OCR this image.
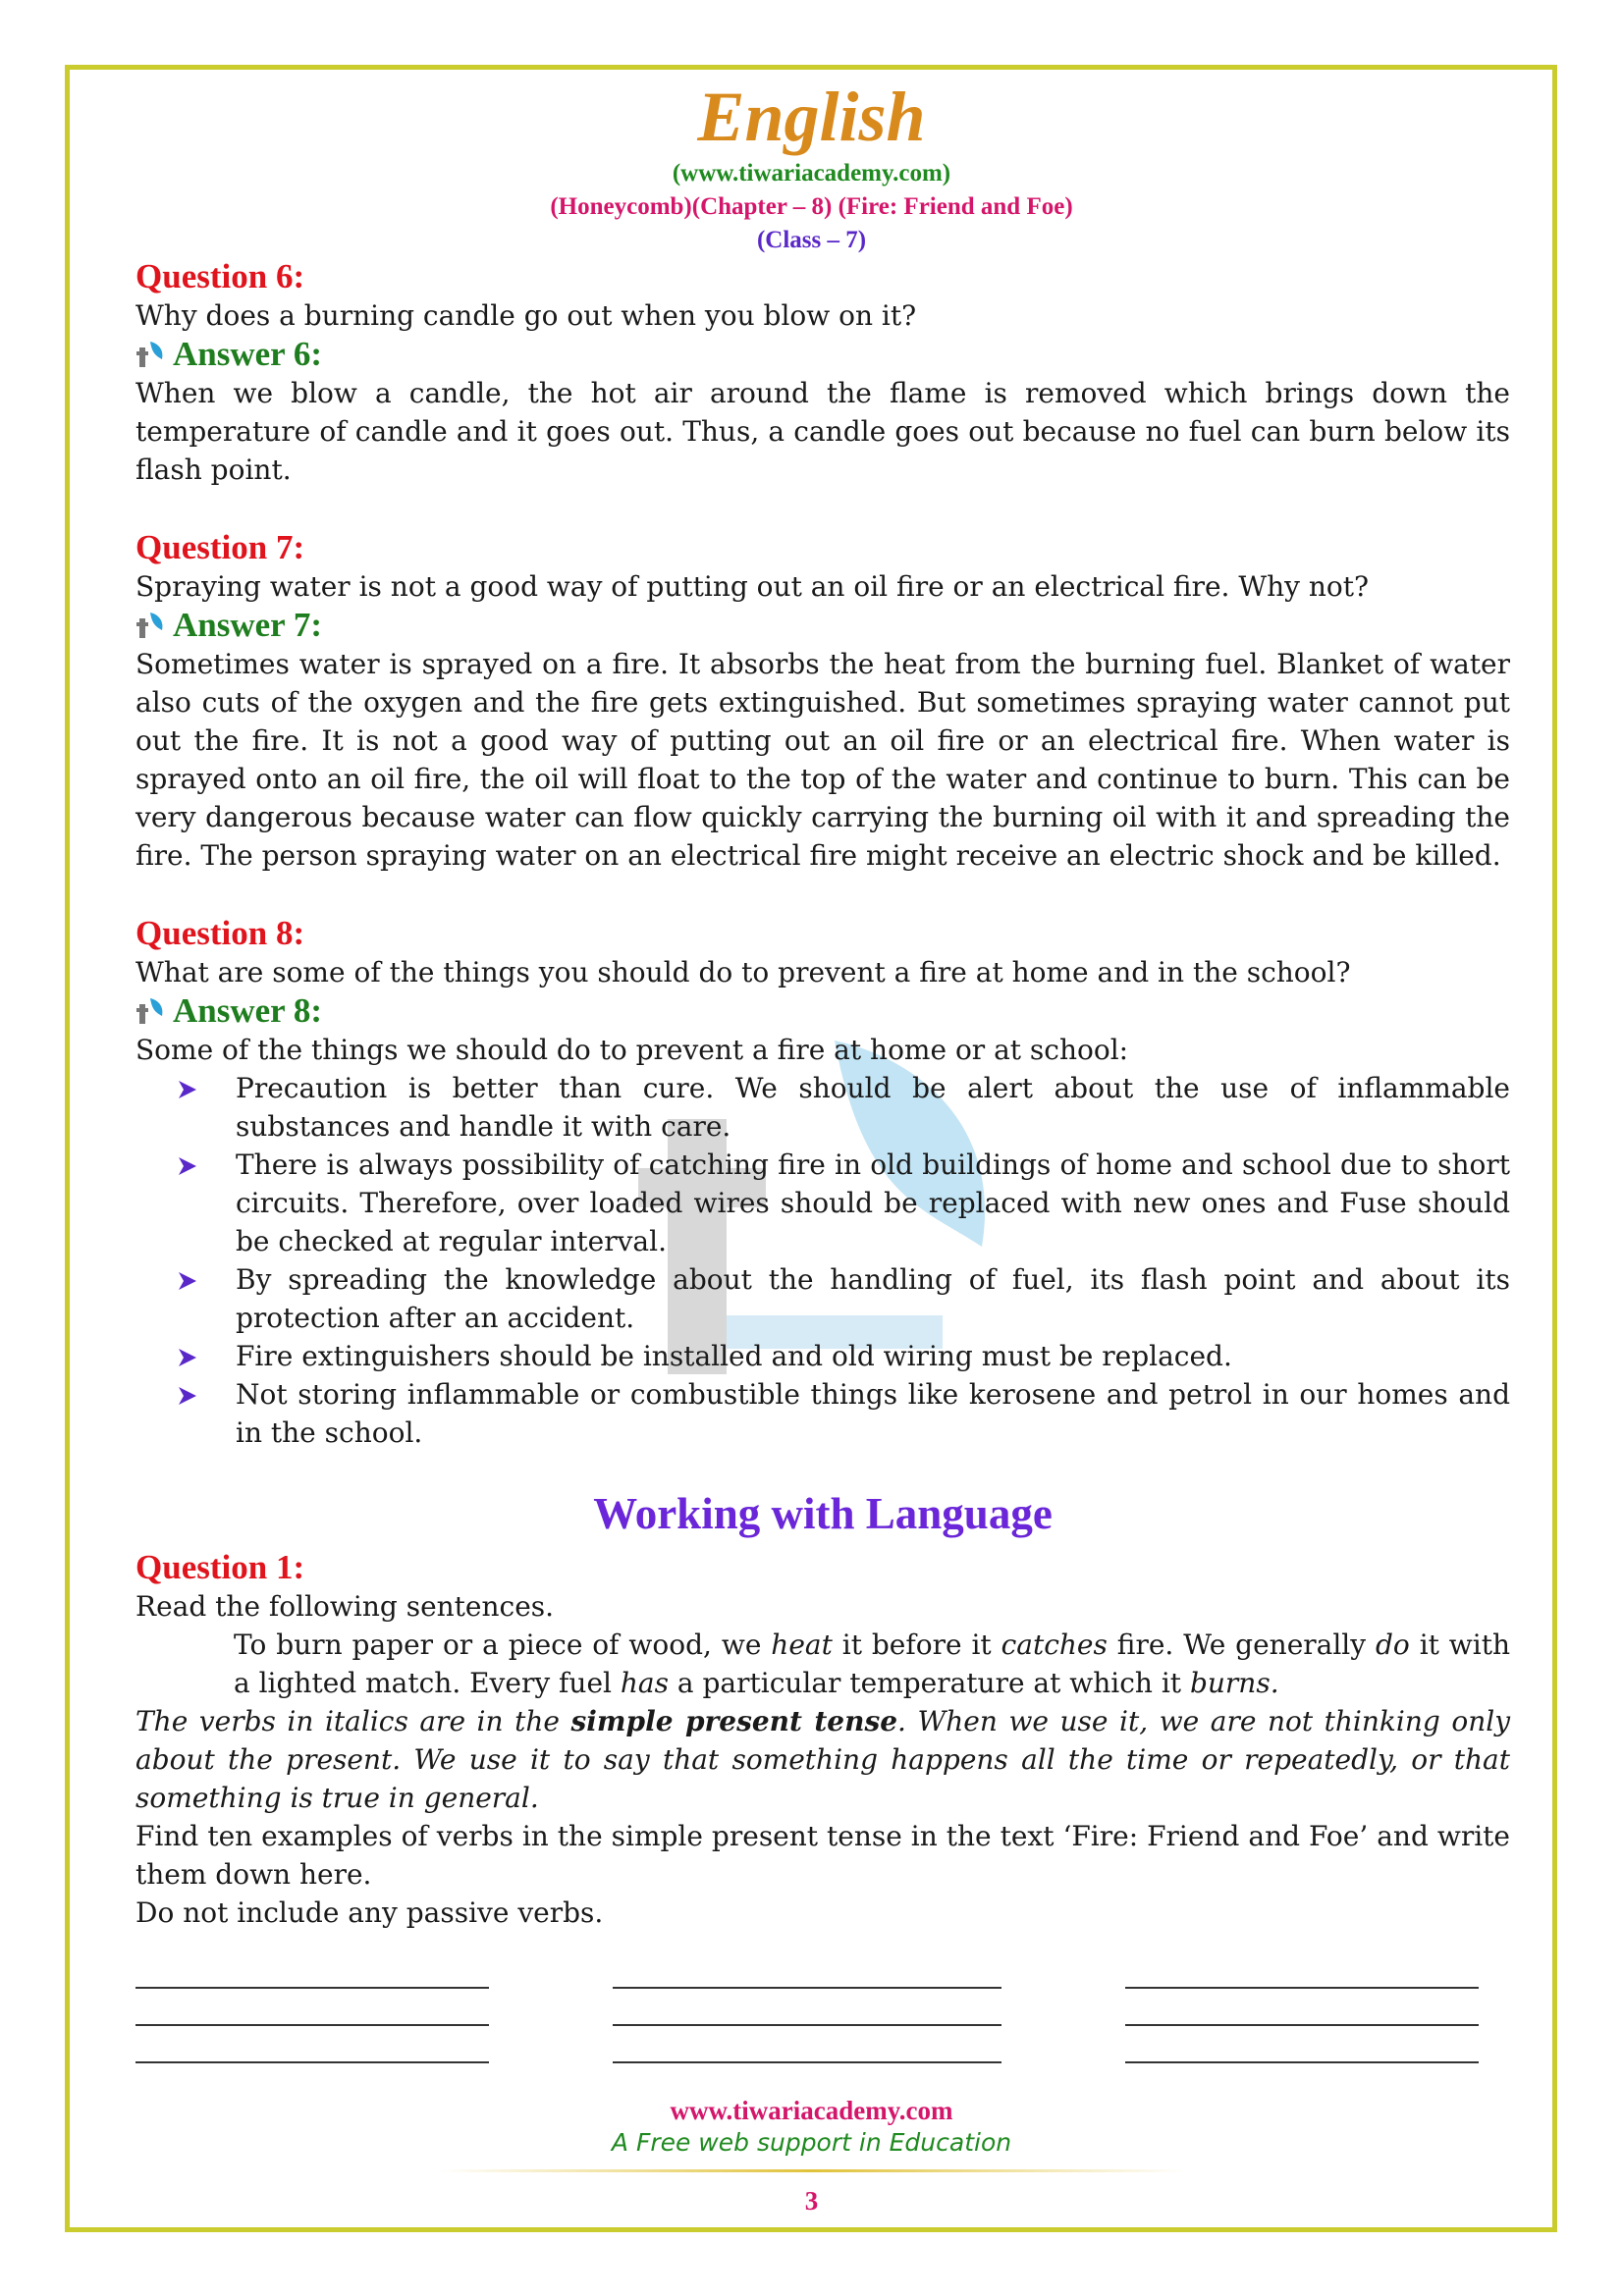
English
(www.tiwariacademy.com)
(Honeycomb)(Chapter – 8) (Fire: Friend and Foe)
(Class – 7)
Question 6:

Why does a burning candle go out when you blow on it?

Answer 6:

When we blow a candle, the hot air around the flame is removed which brings down the temperature of candle and it goes out. Thus, a candle goes out because no fuel can burn below its flash point.

Question 7:

Spraying water is not a good way of putting out an oil fire or an electrical fire. Why not?

Answer 7:

Sometimes water is sprayed on a fire. It absorbs the heat from the burning fuel. Blanket of water also cuts of the oxygen and the fire gets extinguished. But sometimes spraying water cannot put out the fire. It is not a good way of putting out an oil fire or an electrical fire. When water is sprayed onto an oil fire, the oil will float to the top of the water and continue to burn. This can be very dangerous because water can flow quickly carrying the burning oil with it and spreading the fire. The person spraying water on an electrical fire might receive an electric shock and be killed.

Question 8:

What are some of the things you should do to prevent a fire at home and in the school?

Answer 8:

Some of the things we should do to prevent a fire at home or at school:

Precaution is better than cure. We should be alert about the use of inflammable substances and handle it with care.
There is always possibility of catching fire in old buildings of home and school due to short circuits. Therefore, over loaded wires should be replaced with new ones and Fuse should be checked at regular interval.
By spreading the knowledge about the handling of fuel, its flash point and about its protection after an accident.
Fire extinguishers should be installed and old wiring must be replaced.
Not storing inflammable or combustible things like kerosene and petrol in our homes and in the school.
Working with Language
Question 1:

Read the following sentences.

To burn paper or a piece of wood, we heat it before it catches fire. We generally do it with a lighted match. Every fuel has a particular temperature at which it burns.

The verbs in italics are in the simple present tense. When we use it, we are not thinking only about the present. We use it to say that something happens all the time or repeatedly, or that something is true in general.

Find ten examples of verbs in the simple present tense in the text ‘Fire: Friend and Foe’ and write them down here.

Do not include any passive verbs.

www.tiwariacademy.com
A Free web support in Education
3
